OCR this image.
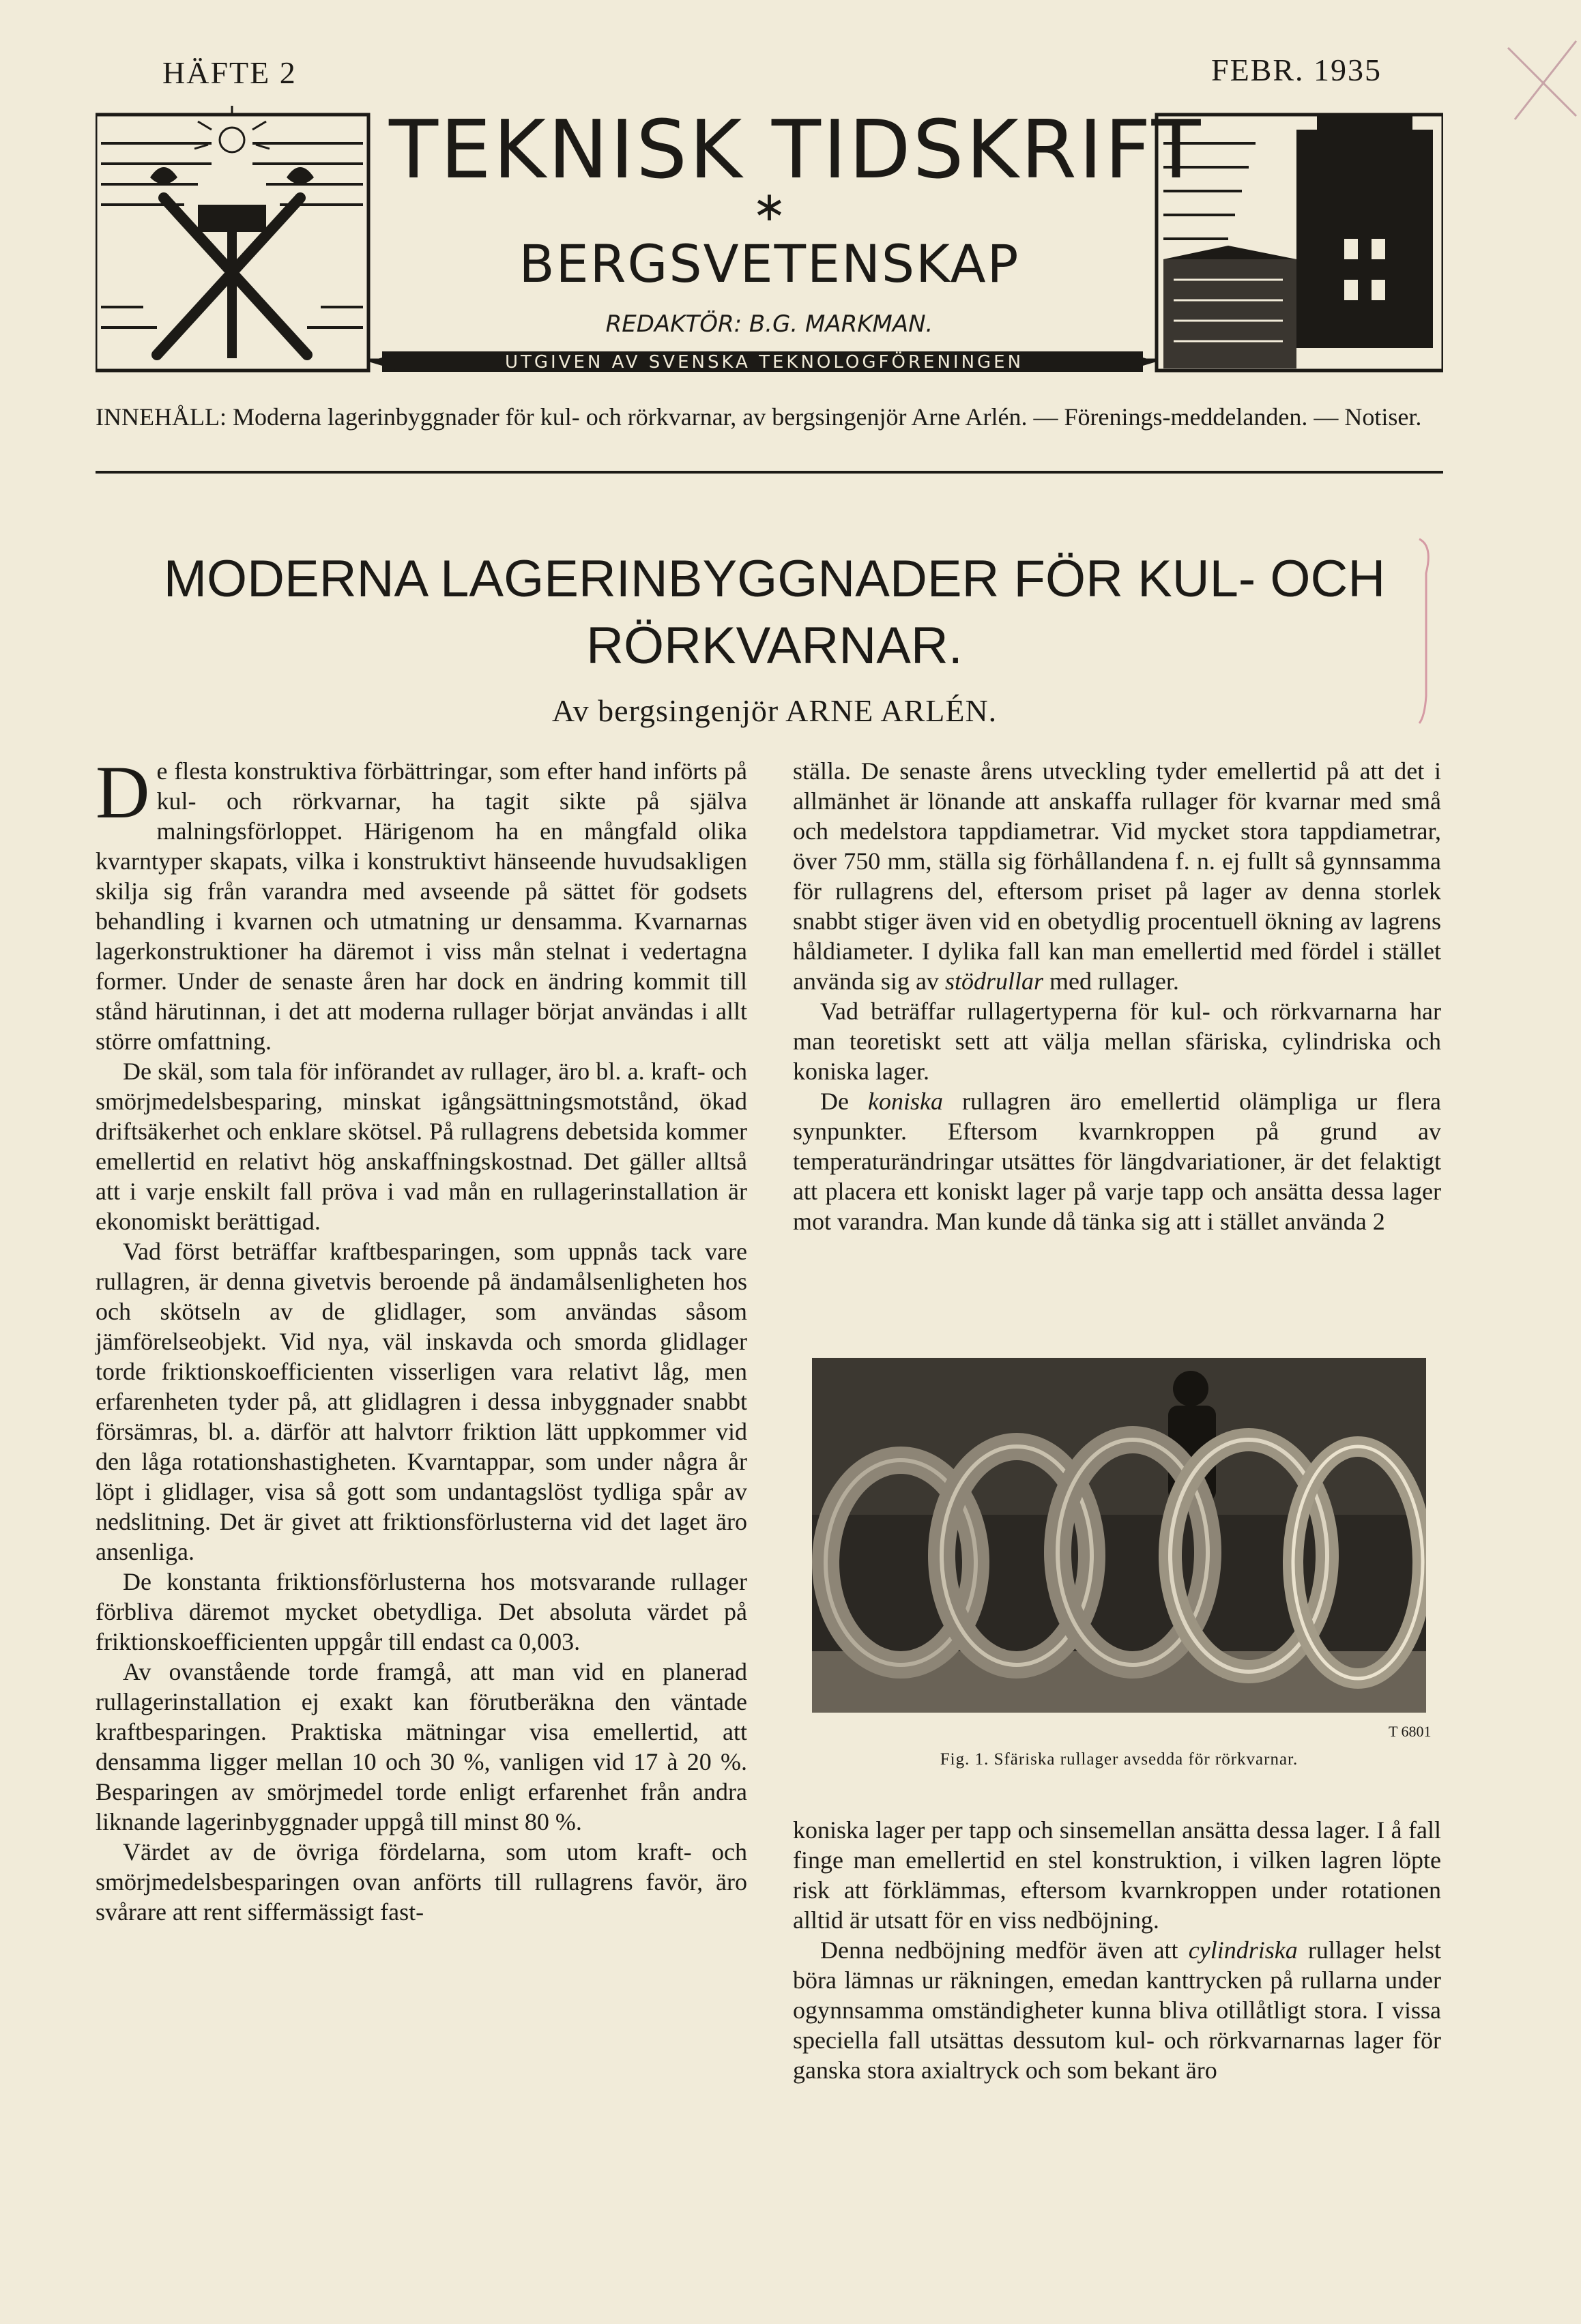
HÄFTE 2	FEBR. 1935
TEKNISK TIDSKRIFT
∗
BERGSVETENSKAP
REDAKTÖR: B.G. MARKMAN.
UTGIVEN AV SVENSKA TEKNOLOGFÖRENINGEN
INNEHÅLL: Moderna lagerinbyggnader för kul- och rörkvarnar, av bergsingenjör Arne Arlén. — Förenings-meddelanden. — Notiser.
MODERNA LAGERINBYGGNADER FÖR KUL- OCH
RÖRKVARNAR.
Av bergsingenjör ARNE ARLÉN.

De flesta konstruktiva förbättringar, som efter hand införts på kul- och rörkvarnar, ha tagit sikte på själva malningsförloppet. Härigenom ha en mångfald olika kvarntyper skapats, vilka i konstruktivt hänseende huvudsakligen skilja sig från varandra med avseende på sättet för godsets behandling i kvarnen och utmatning ur densamma. Kvarnarnas lagerkonstruktioner ha däremot i viss mån stelnat i vedertagna former. Under de senaste åren har dock en ändring kommit till stånd härutinnan, i det att moderna rullager börjat användas i allt större omfattning.

De skäl, som tala för införandet av rullager, äro bl. a. kraft- och smörjmedelsbesparing, minskat igångsättningsmotstånd, ökad driftsäkerhet och enklare skötsel. På rullagrens debetsida kommer emellertid en relativt hög anskaffningskostnad. Det gäller alltså att i varje enskilt fall pröva i vad mån en rullagerinstallation är ekonomiskt berättigad.

Vad först beträffar kraftbesparingen, som uppnås tack vare rullagren, är denna givetvis beroende på ändamålsenligheten hos och skötseln av de glidlager, som användas såsom jämförelseobjekt. Vid nya, väl inskavda och smorda glidlager torde friktionskoefficienten visserligen vara relativt låg, men erfarenheten tyder på, att glidlagren i dessa inbyggnader snabbt försämras, bl. a. därför att halvtorr friktion lätt uppkommer vid den låga rotationshastigheten. Kvarntappar, som under några år löpt i glidlager, visa så gott som undantagslöst tydliga spår av nedslitning. Det är givet att friktionsförlusterna vid det laget äro ansenliga.

De konstanta friktionsförlusterna hos motsvarande rullager förbliva däremot mycket obetydliga. Det absoluta värdet på friktionskoefficienten uppgår till endast ca 0,003.

Av ovanstående torde framgå, att man vid en planerad rullagerinstallation ej exakt kan förutberäkna den väntade kraftbesparingen. Praktiska mätningar visa emellertid, att densamma ligger mellan 10 och 30 %, vanligen vid 17 à 20 %. Besparingen av smörjmedel torde enligt erfarenhet från andra liknande lagerinbyggnader uppgå till minst 80 %.

Värdet av de övriga fördelarna, som utom kraft- och smörjmedelsbesparingen ovan anförts till rullagrens favör, äro svårare att rent siffermässigt fast-

ställa. De senaste årens utveckling tyder emellertid på att det i allmänhet är lönande att anskaffa rullager för kvarnar med små och medelstora tappdiametrar. Vid mycket stora tappdiametrar, över 750 mm, ställa sig förhållandena f. n. ej fullt så gynnsamma för rullagrens del, eftersom priset på lager av denna storlek snabbt stiger även vid en obetydlig procentuell ökning av lagrens håldiameter. I dylika fall kan man emellertid med fördel i stället använda sig av stödrullar med rullager.

Vad beträffar rullagertyperna för kul- och rörkvarnarna har man teoretiskt sett att välja mellan sfäriska, cylindriska och koniska lager.

De koniska rullagren äro emellertid olämpliga ur flera synpunkter. Eftersom kvarnkroppen på grund av temperaturändringar utsättes för längdvariationer, är det felaktigt att placera ett koniskt lager på varje tapp och ansätta dessa lager mot varandra. Man kunde då tänka sig att i stället använda 2

T 6801
Fig. 1. Sfäriska rullager avsedda för rörkvarnar.

koniska lager per tapp och sinsemellan ansätta dessa lager. I å fall finge man emellertid en stel konstruktion, i vilken lagren löpte risk att förklämmas, eftersom kvarnkroppen under rotationen alltid är utsatt för en viss nedböjning.

Denna nedböjning medför även att cylindriska rullager helst böra lämnas ur räkningen, emedan kanttrycken på rullarna under ogynnsamma omständigheter kunna bliva otillåtligt stora. I vissa speciella fall utsättas dessutom kul- och rörkvarnarnas lager för ganska stora axialtryck och som bekant äro
